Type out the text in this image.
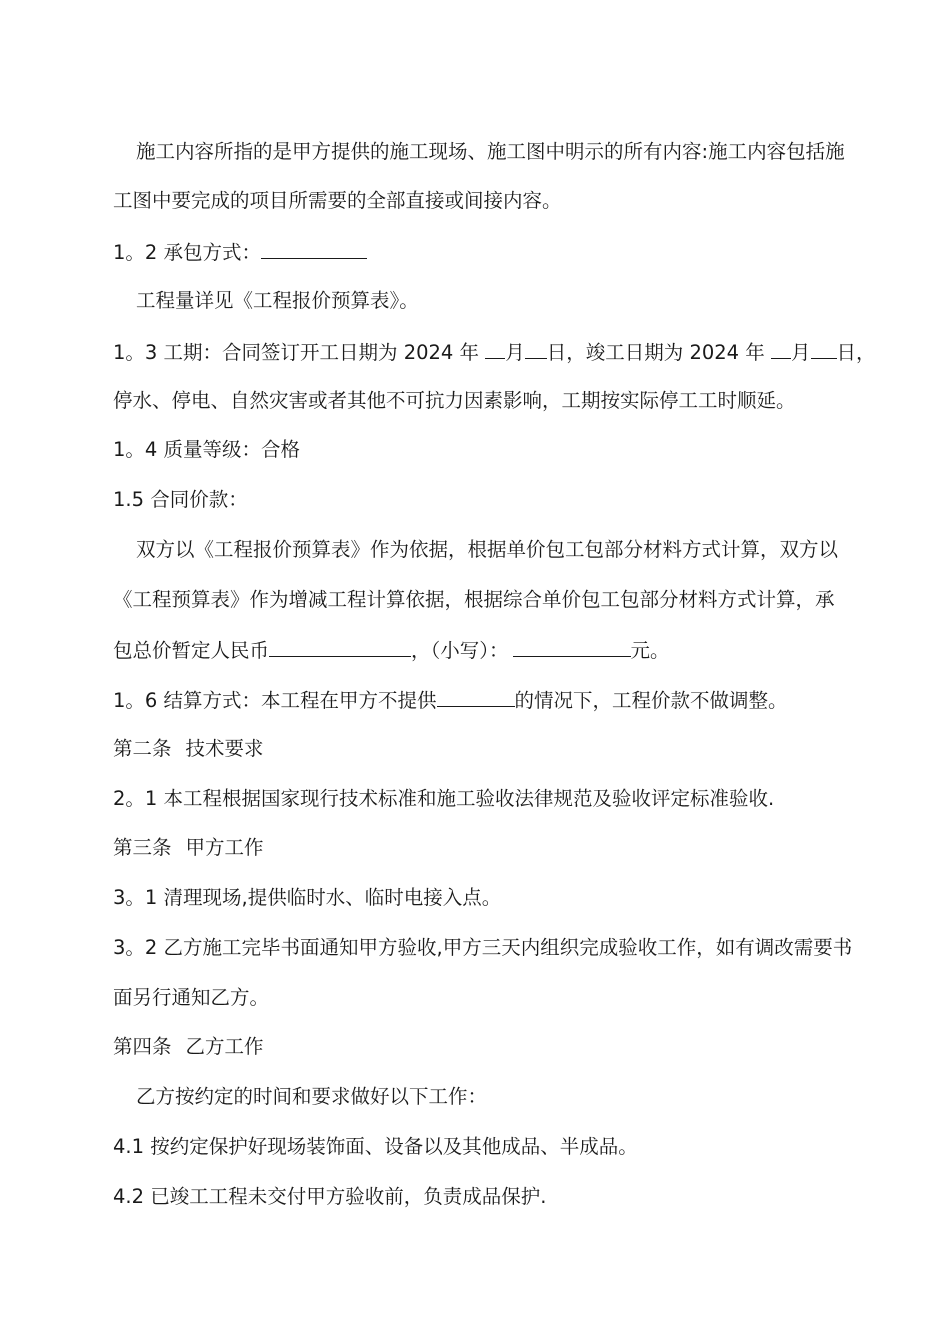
施工内容所指的是甲方提供的施工现场、施工图中明示的所有内容:施工内容包括施
工图中要完成的项目所需要的全部直接或间接内容。
1。2 承包方式：
工程量详见《工程报价预算表》。
1。3 工期：合同签订开工日期为 2024 年 月 日，竣工日期为 2024 年 月 日，
停水、停电、自然灾害或者其他不可抗力因素影响，工期按实际停工工时顺延。
1。4 质量等级：合格
1.5 合同价款：
双方以《工程报价预算表》作为依据，根据单价包工包部分材料方式计算，双方以
《工程预算表》作为增减工程计算依据，根据综合单价包工包部分材料方式计算，承
包总价暂定人民币	，（小写）：	元。
1。6 结算方式：本工程在甲方不提供	的情况下，工程价款不做调整。
第二条 技术要求
2。1 本工程根据国家现行技术标准和施工验收法律规范及验收评定标准验收.
第三条 甲方工作
3。1 清理现场,提供临时水、临时电接入点。
3。2 乙方施工完毕书面通知甲方验收,甲方三天内组织完成验收工作，如有调改需要书
面另行通知乙方。
第四条 乙方工作
乙方按约定的时间和要求做好以下工作：
4.1 按约定保护好现场装饰面、设备以及其他成品、半成品。
4.2 已竣工工程未交付甲方验收前，负责成品保护.
